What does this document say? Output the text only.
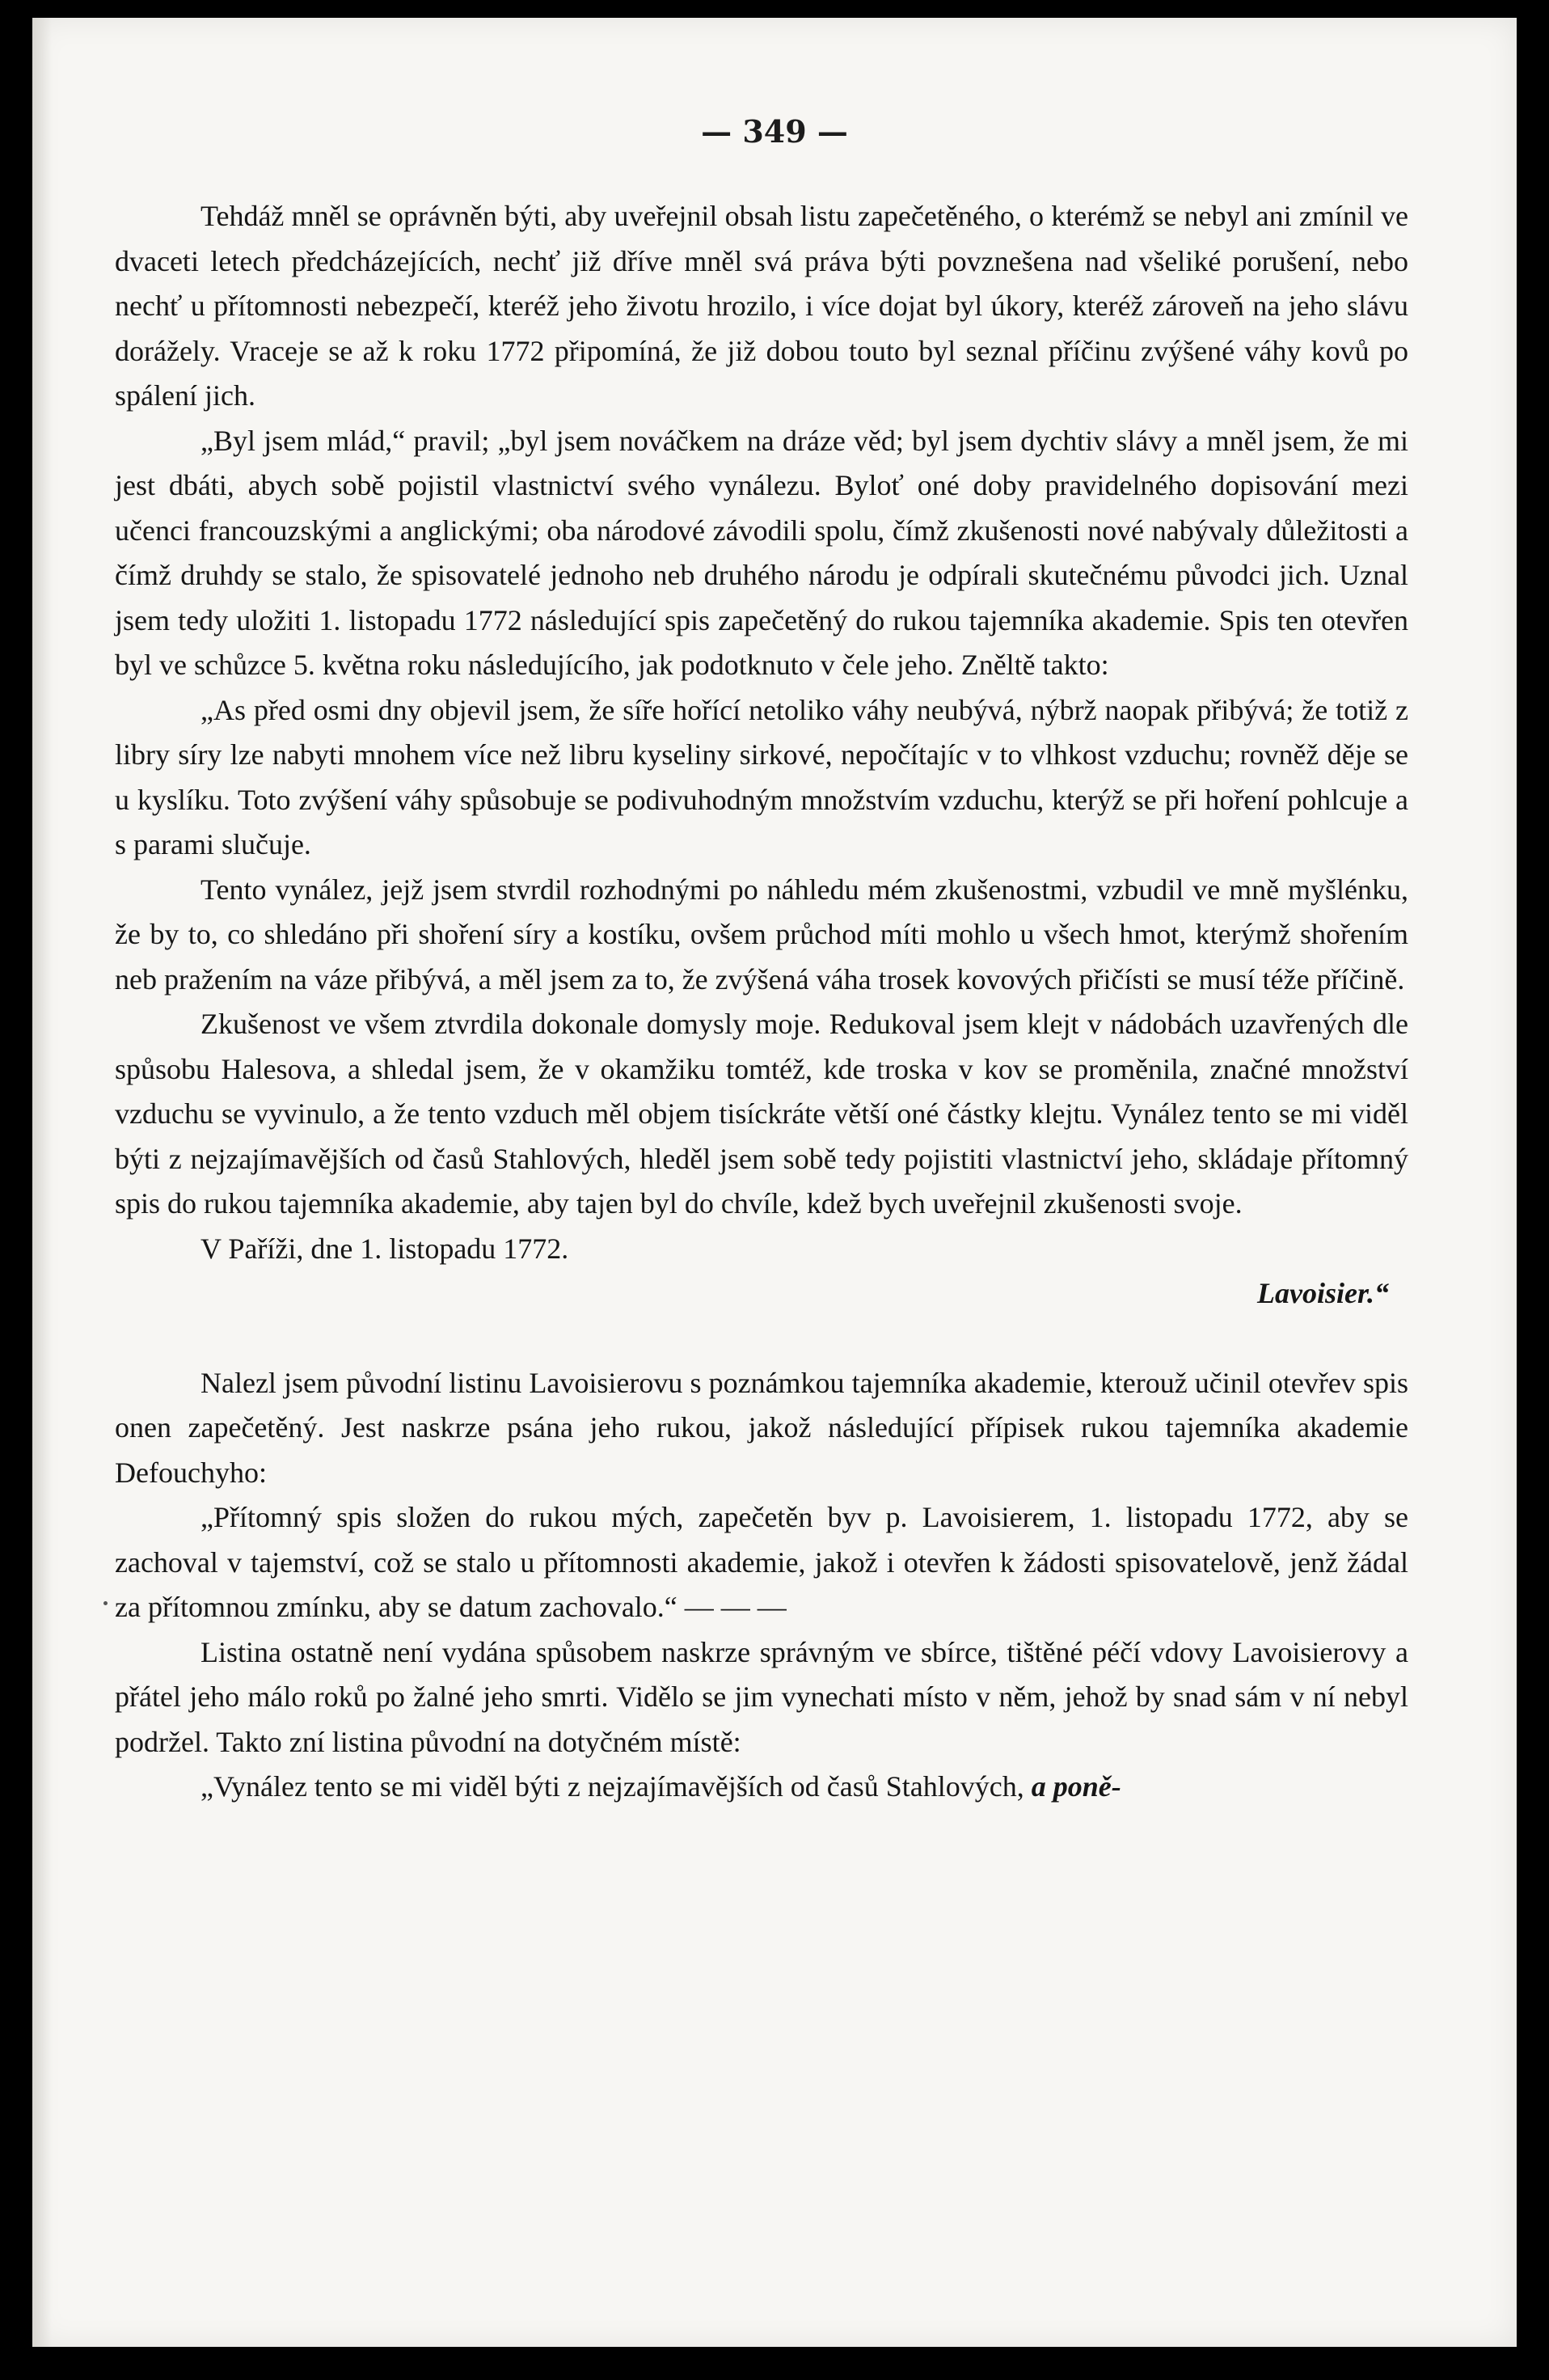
— 349 —

Tehdáž mněl se oprávněn býti, aby uveřejnil obsah listu zapečetěného, o kterémž se nebyl ani zmínil ve dvaceti letech předcházejících, nechť již dříve mněl svá práva býti povznešena nad všeliké porušení, nebo nechť u přítomnosti nebezpečí, kteréž jeho životu hrozilo, i více dojat byl úkory, kteréž zároveň na jeho slávu dorážely. Vraceje se až k roku 1772 připomíná, že již dobou touto byl seznal příčinu zvýšené váhy kovů po spálení jich.

„Byl jsem mlád,“ pravil; „byl jsem nováčkem na dráze věd; byl jsem dychtiv slávy a mněl jsem, že mi jest dbáti, abych sobě pojistil vlastnictví svého vynálezu. Byloť oné doby pravidelného dopisování mezi učenci francouzskými a anglickými; oba národové závodili spolu, čímž zkušenosti nové nabývaly důležitosti a čímž druhdy se stalo, že spisovatelé jednoho neb druhého národu je odpírali skutečnému původci jich. Uznal jsem tedy uložiti 1. listopadu 1772 následující spis zapečetěný do rukou tajemníka akademie. Spis ten otevřen byl ve schůzce 5. května roku následujícího, jak podotknuto v čele jeho. Zněltě takto:

„As před osmi dny objevil jsem, že síře hořící netoliko váhy neubývá, nýbrž naopak přibývá; že totiž z libry síry lze nabyti mnohem více než libru kyseliny sirkové, nepočítajíc v to vlhkost vzduchu; rovněž děje se u kyslíku. Toto zvýšení váhy spůsobuje se podivuhodným množstvím vzduchu, kterýž se při hoření pohlcuje a s parami slučuje.

Tento vynález, jejž jsem stvrdil rozhodnými po náhledu mém zkušenostmi, vzbudil ve mně myšlénku, že by to, co shledáno při shoření síry a kostíku, ovšem průchod míti mohlo u všech hmot, kterýmž shořením neb pražením na váze přibývá, a měl jsem za to, že zvýšená váha trosek kovových přičísti se musí téže příčině.

Zkušenost ve všem ztvrdila dokonale domysly moje. Redukoval jsem klejt v nádobách uzavřených dle spůsobu Halesova, a shledal jsem, že v okamžiku tomtéž, kde troska v kov se proměnila, značné množství vzduchu se vyvinulo, a že tento vzduch měl objem tisíckráte větší oné částky klejtu. Vynález tento se mi viděl býti z nejzajímavějších od časů Stahlových, hleděl jsem sobě tedy pojistiti vlastnictví jeho, skládaje přítomný spis do rukou tajemníka akademie, aby tajen byl do chvíle, kdež bych uveřejnil zkušenosti svoje.

V Paříži, dne 1. listopadu 1772.

Lavoisier.“

Nalezl jsem původní listinu Lavoisierovu s poznámkou tajemníka akademie, kterouž učinil otevřev spis onen zapečetěný. Jest naskrze psána jeho rukou, jakož následující přípisek rukou tajemníka akademie Defouchyho:

„Přítomný spis složen do rukou mých, zapečetěn byv p. Lavoisierem, 1. listopadu 1772, aby se zachoval v tajemství, což se stalo u přítomnosti akademie, jakož i otevřen k žádosti spisovatelově, jenž žádal za přítomnou zmínku, aby se datum zachovalo.“ — — —

Listina ostatně není vydána spůsobem naskrze správným ve sbírce, tištěné péčí vdovy Lavoisierovy a přátel jeho málo roků po žalné jeho smrti. Vidělo se jim vynechati místo v něm, jehož by snad sám v ní nebyl podržel. Takto zní listina původní na dotyčném místě:

„Vynález tento se mi viděl býti z nejzajímavějších od časů Stahlových, a poně-
